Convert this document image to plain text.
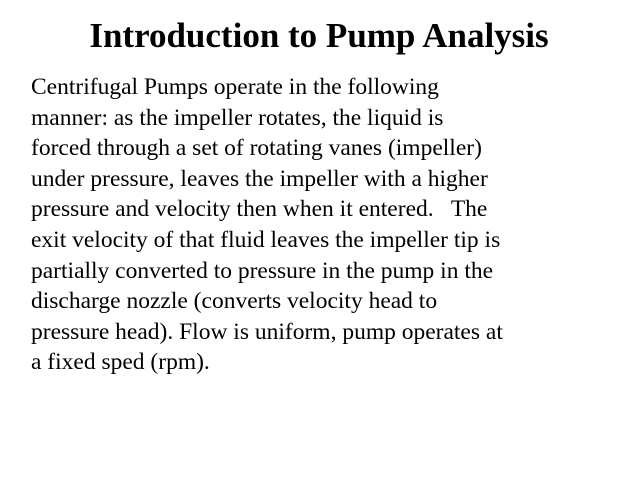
Introduction to Pump Analysis
Centrifugal Pumps operate in the following
manner: as the impeller rotates, the liquid is
forced through a set of rotating vanes (impeller)
under pressure, leaves the impeller with a higher
pressure and velocity then when it entered.   The
exit velocity of that fluid leaves the impeller tip is
partially converted to pressure in the pump in the
discharge nozzle (converts velocity head to
pressure head). Flow is uniform, pump operates at
a fixed sped (rpm).
